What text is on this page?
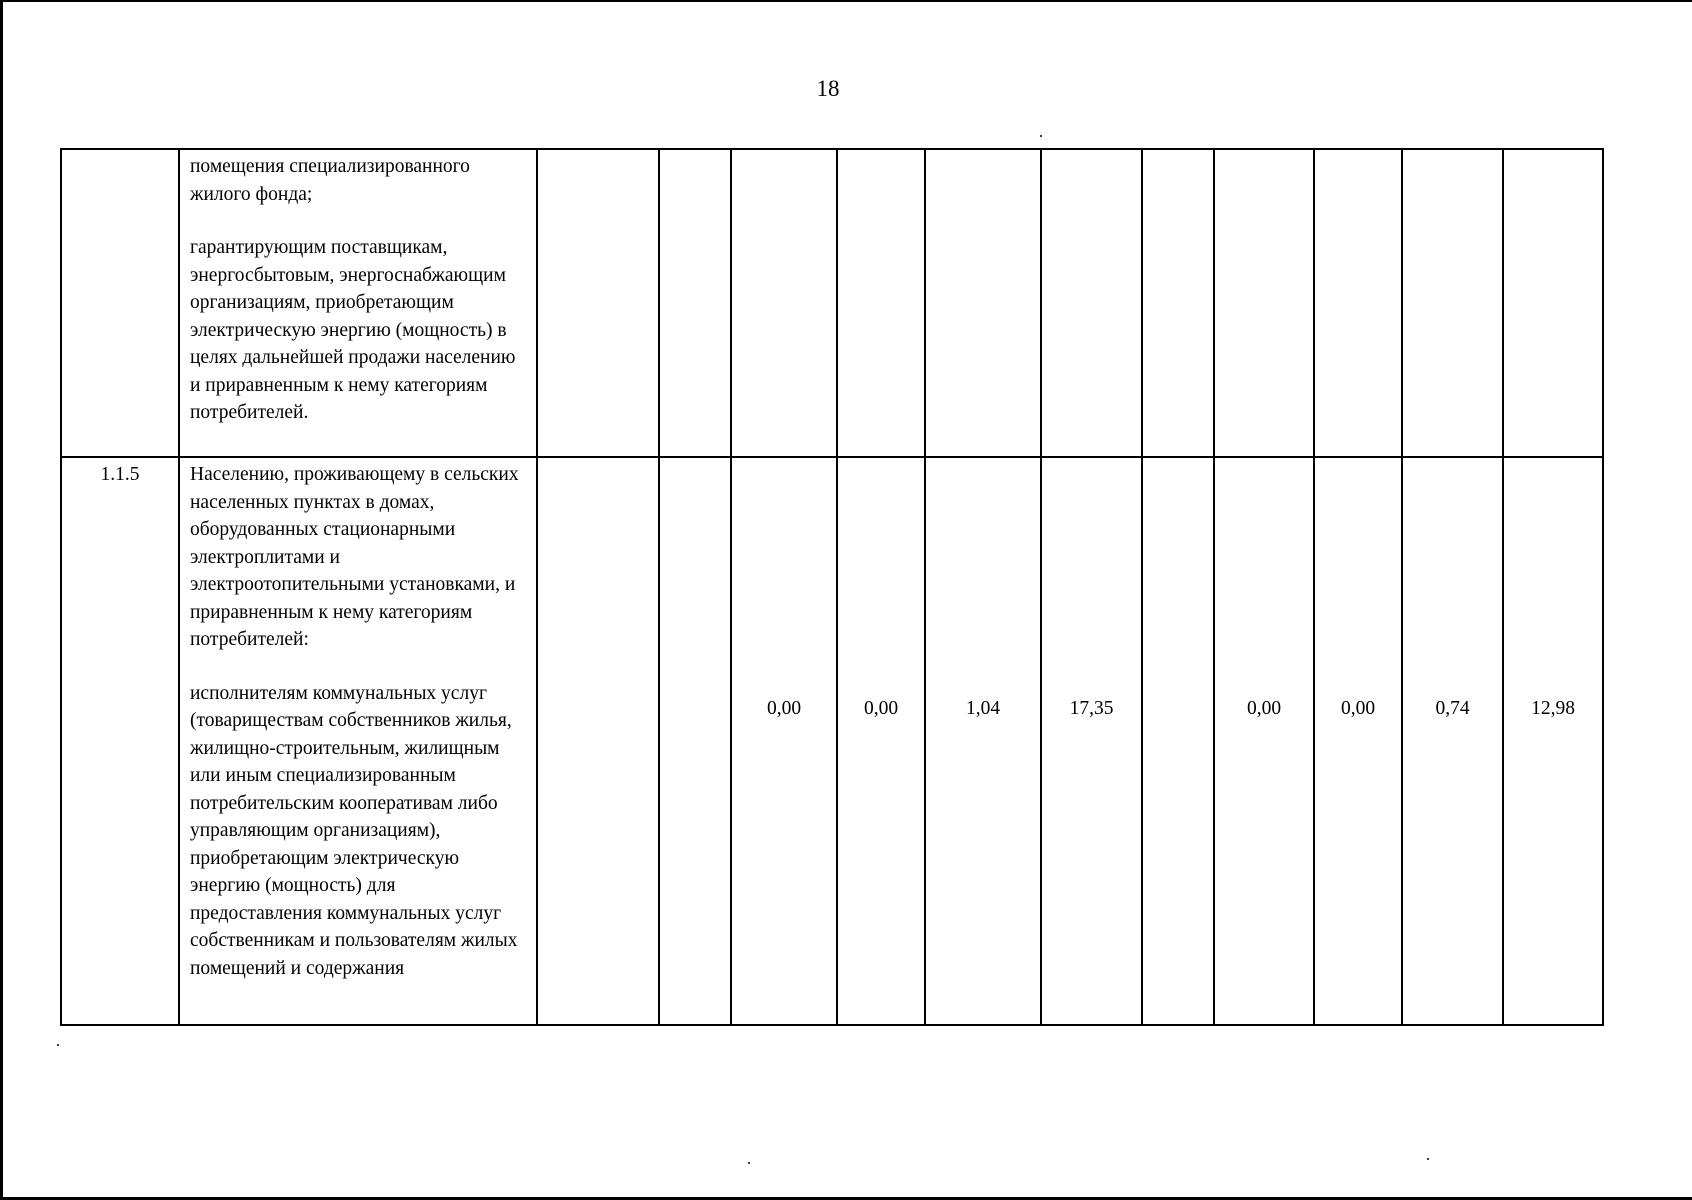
18

	помещения специализированного жилого фонда;

гарантирующим поставщикам, энергосбытовым, энергоснабжающим организациям, приобретающим электрическую энергию (мощность) в целях дальнейшей продажи населению и приравненным к нему категориям потребителей.											

1.1.5	Населению, проживающему в сельских населенных пунктах в домах, оборудованных стационарными электроплитами и электроотопительными установками, и приравненным к нему категориям потребителей:

исполнителям коммунальных услуг (товариществам собственников жилья, жилищно-строительным, жилищным или иным специализированным потребительским кооперативам либо управляющим организациям), приобретающим электрическую энергию (мощность) для предоставления коммунальных услуг собственникам и пользователям жилых помещений и содержания			0,00	0,00	1,04	17,35		0,00	0,00	0,74	12,98
